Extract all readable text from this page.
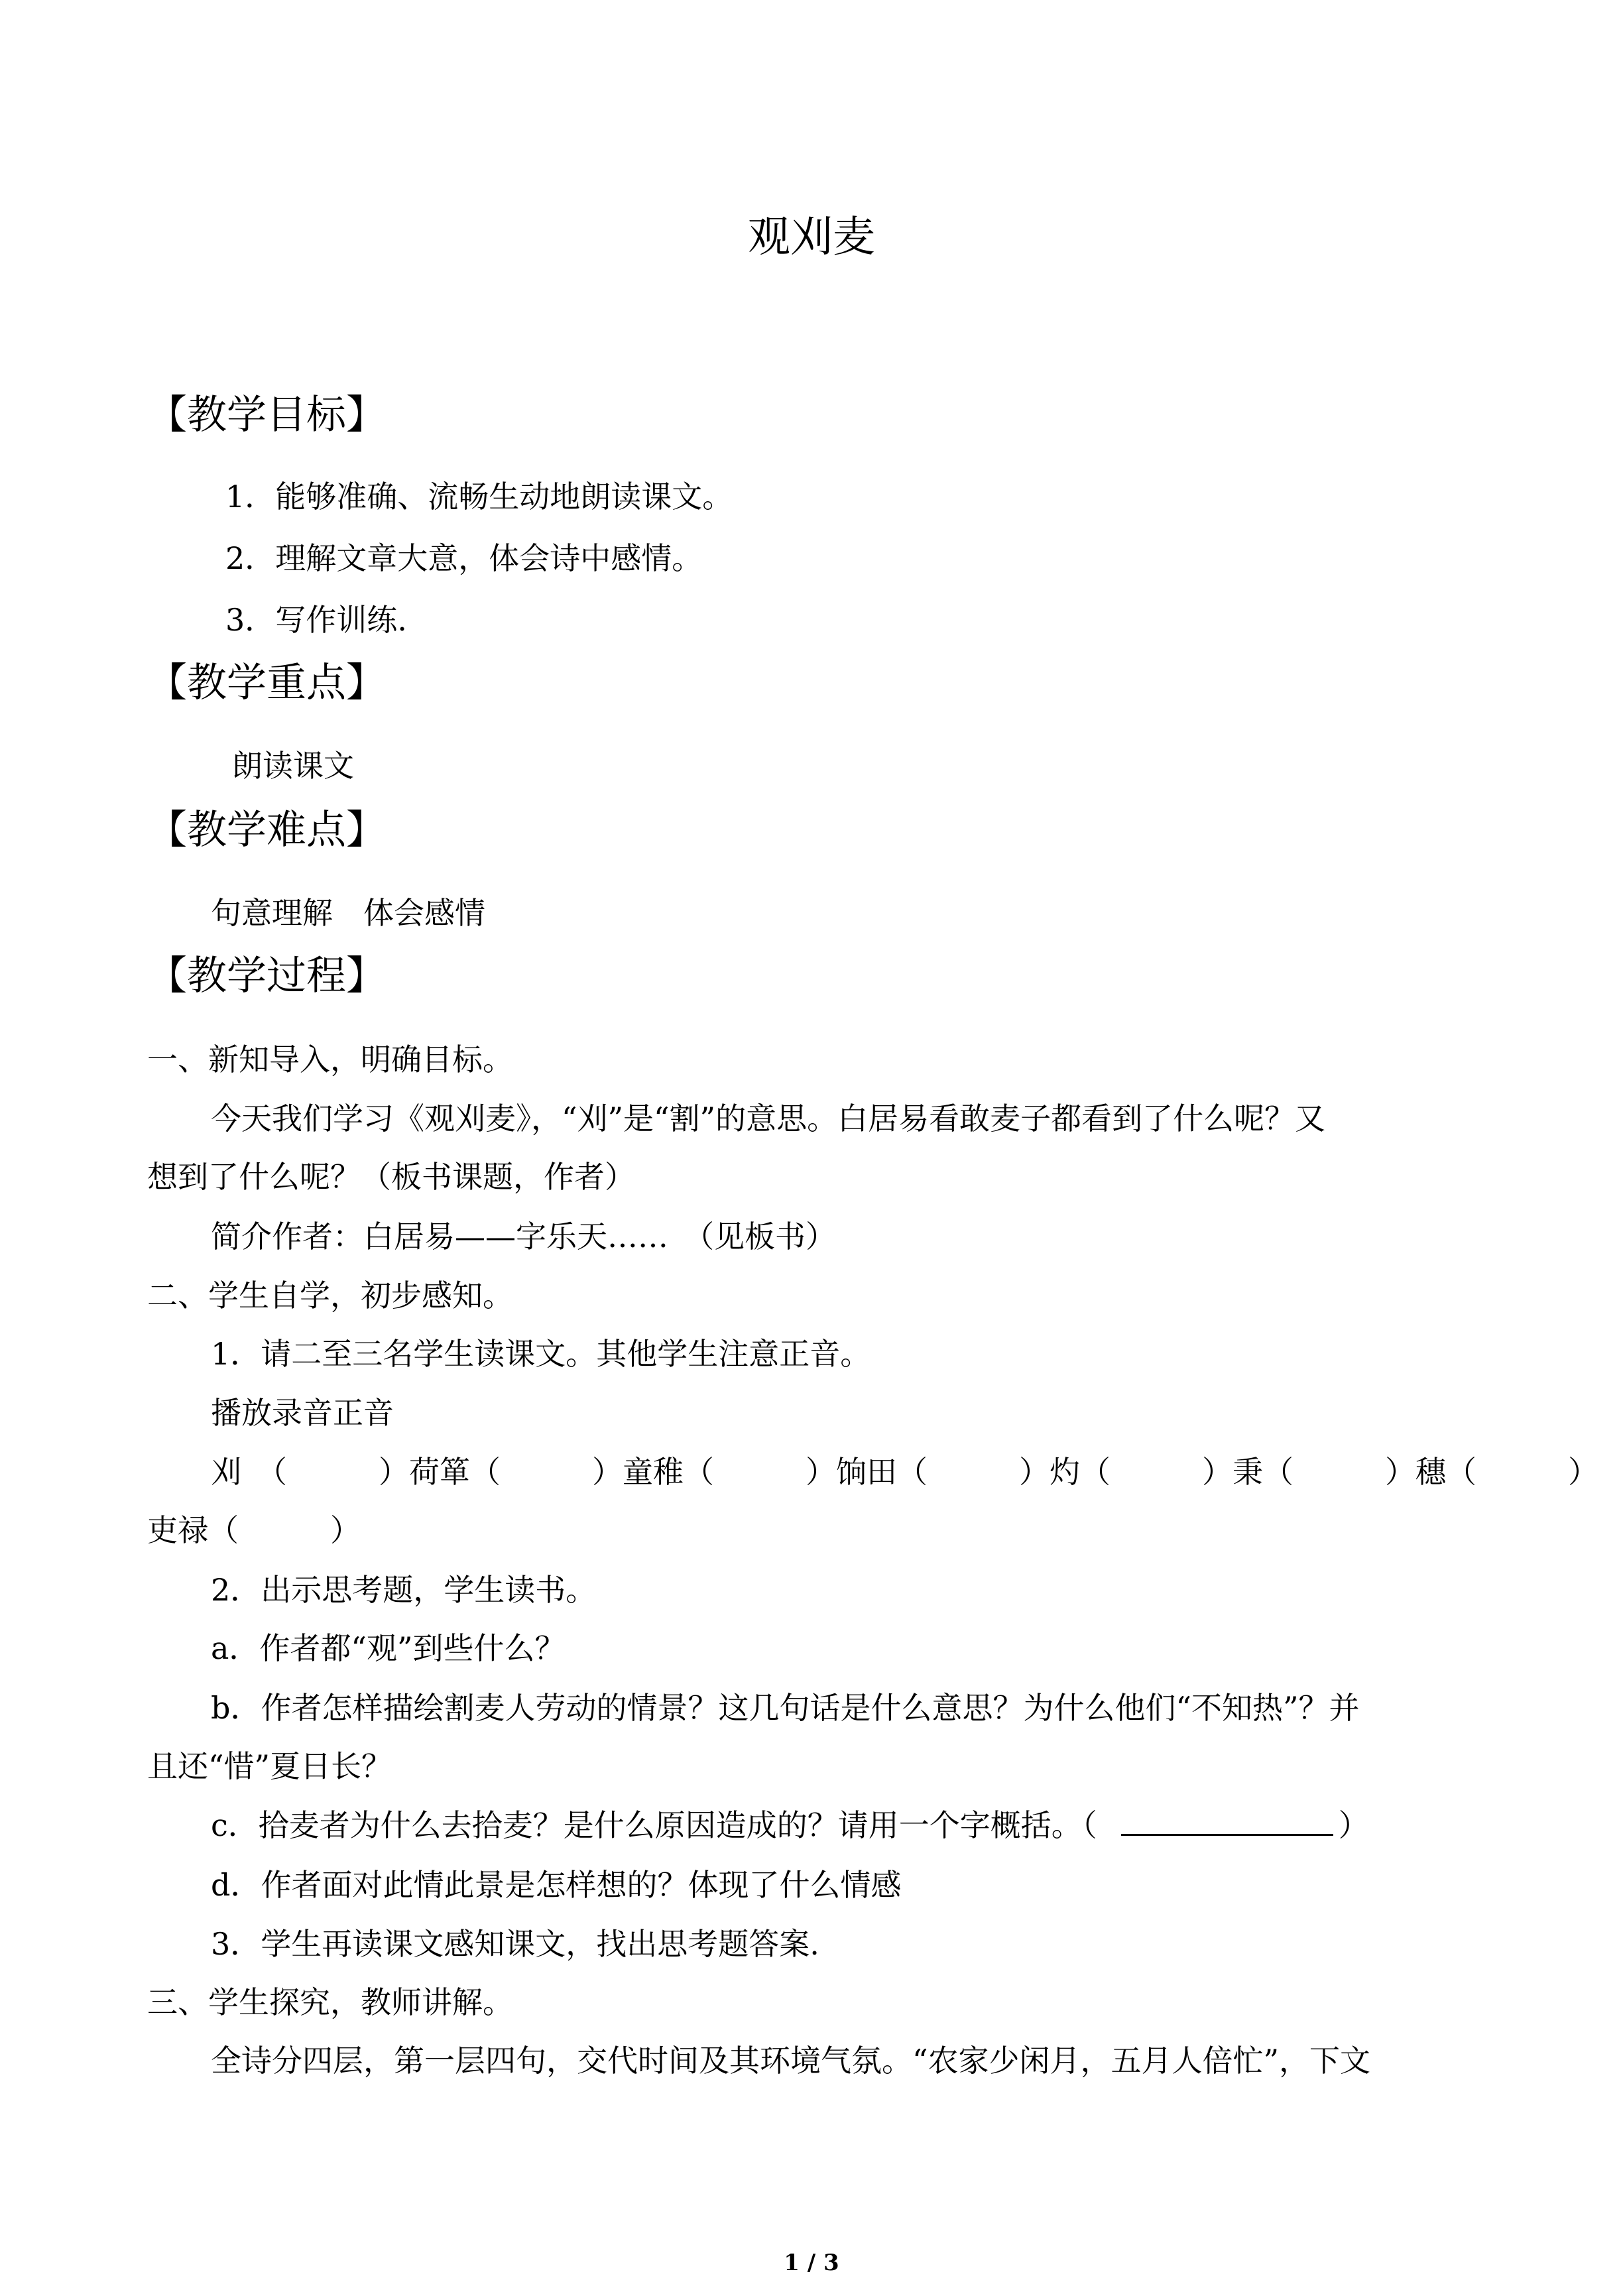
观刈麦
【教学目标】
1．能够准确、流畅生动地朗读课文。
2．理解文章大意，体会诗中感情。
3．写作训练.
【教学重点】
朗读课文
【教学难点】
句意理解　体会感情
【教学过程】
一、新知导入，明确目标。
今天我们学习《观刈麦》，“刈”是“割”的意思。白居易看敢麦子都看到了什么呢？又
想到了什么呢？（板书课题，作者）
简介作者：白居易——字乐天……　（见板书）
二、学生自学，初步感知。
1．请二至三名学生读课文。其他学生注意正音。
播放录音正音
刈　（　　　） 荷箪（　　　） 童稚（　　　） 饷田（　　　） 灼（　　　） 秉（　　　） 穗（　　　）
吏禄（　　　）
2．出示思考题，学生读书。
a．作者都“观”到些什么？
b．作者怎样描绘割麦人劳动的情景？这几句话是什么意思？为什么他们“不知热”？并
且还“惜”夏日长？
c．拾麦者为什么去拾麦？是什么原因造成的？请用一个字概括。（	）
d．作者面对此情此景是怎样想的？体现了什么情感
3．学生再读课文感知课文，找出思考题答案.
三、学生探究，教师讲解。
全诗分四层，第一层四句，交代时间及其环境气氛。“农家少闲月，五月人倍忙”，下文
1 / 3
